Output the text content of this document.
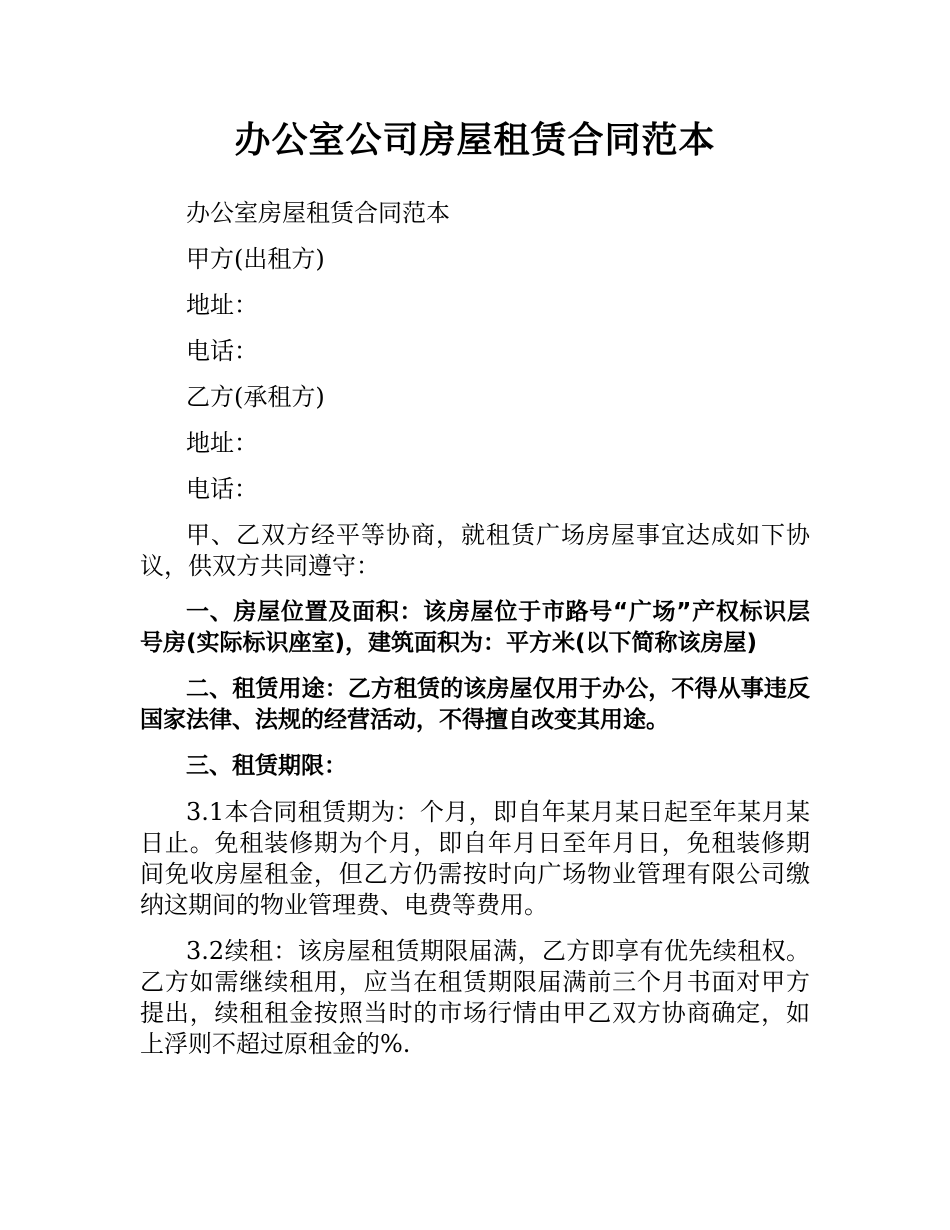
办公室公司房屋租赁合同范本

办公室房屋租赁合同范本

甲方(出租方)

地址：

电话：

乙方(承租方)

地址：

电话：

甲、乙双方经平等协商，就租赁广场房屋事宜达成如下协议，供双方共同遵守：

一、房屋位置及面积：该房屋位于市路号“广场”产权标识层号房(实际标识座室)，建筑面积为：平方米(以下简称该房屋)

二、租赁用途：乙方租赁的该房屋仅用于办公，不得从事违反国家法律、法规的经营活动，不得擅自改变其用途。

三、租赁期限：

3.1本合同租赁期为：个月，即自年某月某日起至年某月某日止。免租装修期为个月，即自年月日至年月日，免租装修期间免收房屋租金，但乙方仍需按时向广场物业管理有限公司缴纳这期间的物业管理费、电费等费用。

3.2续租：该房屋租赁期限届满，乙方即享有优先续租权。乙方如需继续租用，应当在租赁期限届满前三个月书面对甲方提出，续租租金按照当时的市场行情由甲乙双方协商确定，如上浮则不超过原租金的%.
